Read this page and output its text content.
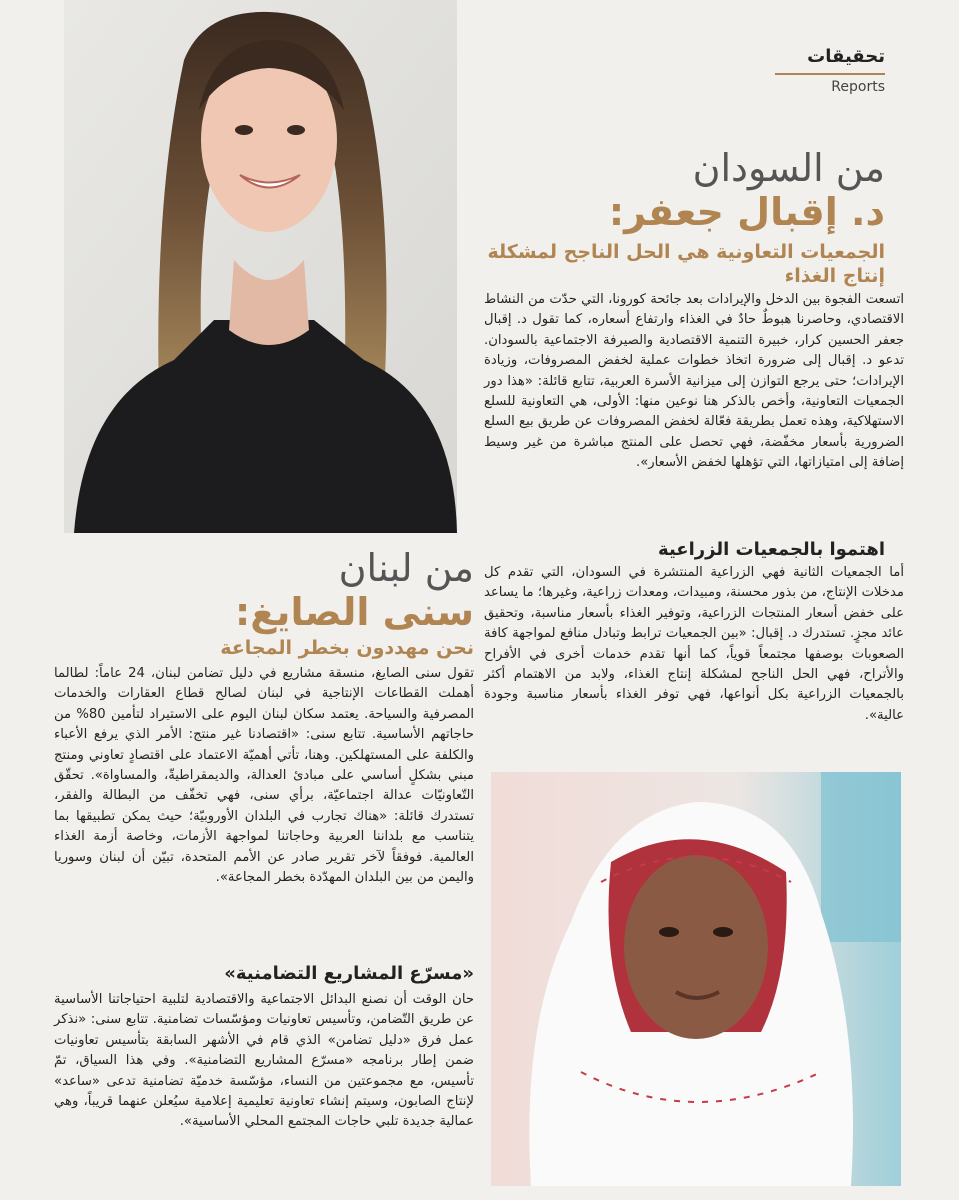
تحقيقات
Reports
من السودان
د. إقبال جعفر:
الجمعيات التعاونية هي الحل الناجح لمشكلة إنتاج الغذاء

اتسعت الفجوة بين الدخل والإيرادات بعد جائحة كورونا، التي حدّت من النشاط الاقتصادي، وحاصرنا هبوطٌ حادٌ في الغذاء وارتفاع أسعاره، كما تقول د. إقبال جعفر الحسين كرار، خبيرة التنمية الاقتصادية والصيرفة الاجتماعية بالسودان. تدعو د. إقبال إلى ضرورة اتخاذ خطوات عملية لخفض المصروفات، وزيادة الإيرادات؛ حتى يرجع التوازن إلى ميزانية الأسرة العربية، تتابع قائلة: «هذا دور الجمعيات التعاونية، وأخص بالذكر هنا نوعين منها: الأولى، هي التعاونية للسلع الاستهلاكية، وهذه تعمل بطريقة فعّالة لخفض المصروفات عن طريق بيع السلع الضرورية بأسعار مخفّضة، فهي تحصل على المنتج مباشرة من غير وسيط إضافة إلى امتيازاتها، التي تؤهلها لخفض الأسعار».

اهتموا بالجمعيات الزراعية

أما الجمعيات الثانية فهي الزراعية المنتشرة في السودان، التي تقدم كل مدخلات الإنتاج، من بذور محسنة، ومبيدات، ومعدات زراعية، وغيرها؛ ما يساعد على خفض أسعار المنتجات الزراعية، وتوفير الغذاء بأسعار مناسبة، وتحقيق عائد مجزٍ. تستدرك د. إقبال: «بين الجمعيات ترابط وتبادل منافع لمواجهة كافة الصعوبات بوصفها مجتمعاً قوياً، كما أنها تقدم خدمات أخرى في الأفراح والأتراح، فهي الحل الناجح لمشكلة إنتاج الغذاء، ولابد من الاهتمام أكثر بالجمعيات الزراعية بكل أنواعها، فهي توفر الغذاء بأسعار مناسبة وجودة عالية».

من لبنان
سنى الصايغ:
نحن مهددون بخطر المجاعة

تقول سنى الصايغ، منسقة مشاريع في دليل تضامن لبنان، 24 عاماً: لطالما أهملت القطاعات الإنتاجية في لبنان لصالح قطاع العقارات والخدمات المصرفية والسياحة. يعتمد سكان لبنان اليوم على الاستيراد لتأمين 80% من حاجاتهم الأساسية. تتابع سنى: «اقتصادنا غير منتج: الأمر الذي يرفع الأعباء والكلفة على المستهلكين. وهنا، تأتي أهميّة الاعتماد على اقتصادٍ تعاوني ومنتج مبني بشكلٍ أساسي على مبادئ العدالة، والديمقراطيةّ، والمساواة». تحقّق التّعاونيّات عدالة اجتماعيّة، برأي سنى، فهي تخفّف من البطالة والفقر، تستدرك قائلة: «هناك تجارب في البلدان الأوروبيّة؛ حيث يمكن تطبيقها بما يتناسب مع بلداننا العربية وحاجاتنا لمواجهة الأزمات، وخاصة أزمة الغذاء العالمية. فوفقاً لآخر تقرير صادر عن الأمم المتحدة، تبيّن أن لبنان وسوريا واليمن من بين البلدان المهدّدة بخطر المجاعة».

«مسرّع المشاريع التضامنية»

حان الوقت أن نصنع البدائل الاجتماعية والاقتصادية لتلبية احتياجاتنا الأساسية عن طريق التّضامن، وتأسيس تعاونيات ومؤسّسات تضامنية. تتابع سنى: «نذكر عمل فرق «دليل تضامن» الذي قام في الأشهر السابقة بتأسيس تعاونيات ضمن إطار برنامجه «مسرّع المشاريع التضامنية». وفي هذا السياق، تمّ تأسيس، مع مجموعتين من النساء، مؤسّسة خدميّة تضامنية تدعى «ساعد» لإنتاج الصابون، وسيتم إنشاء تعاونية تعليمية إعلامية سيُعلن عنهما قريباً، وهي عمالية جديدة تلبي حاجات المجتمع المحلي الأساسية».
